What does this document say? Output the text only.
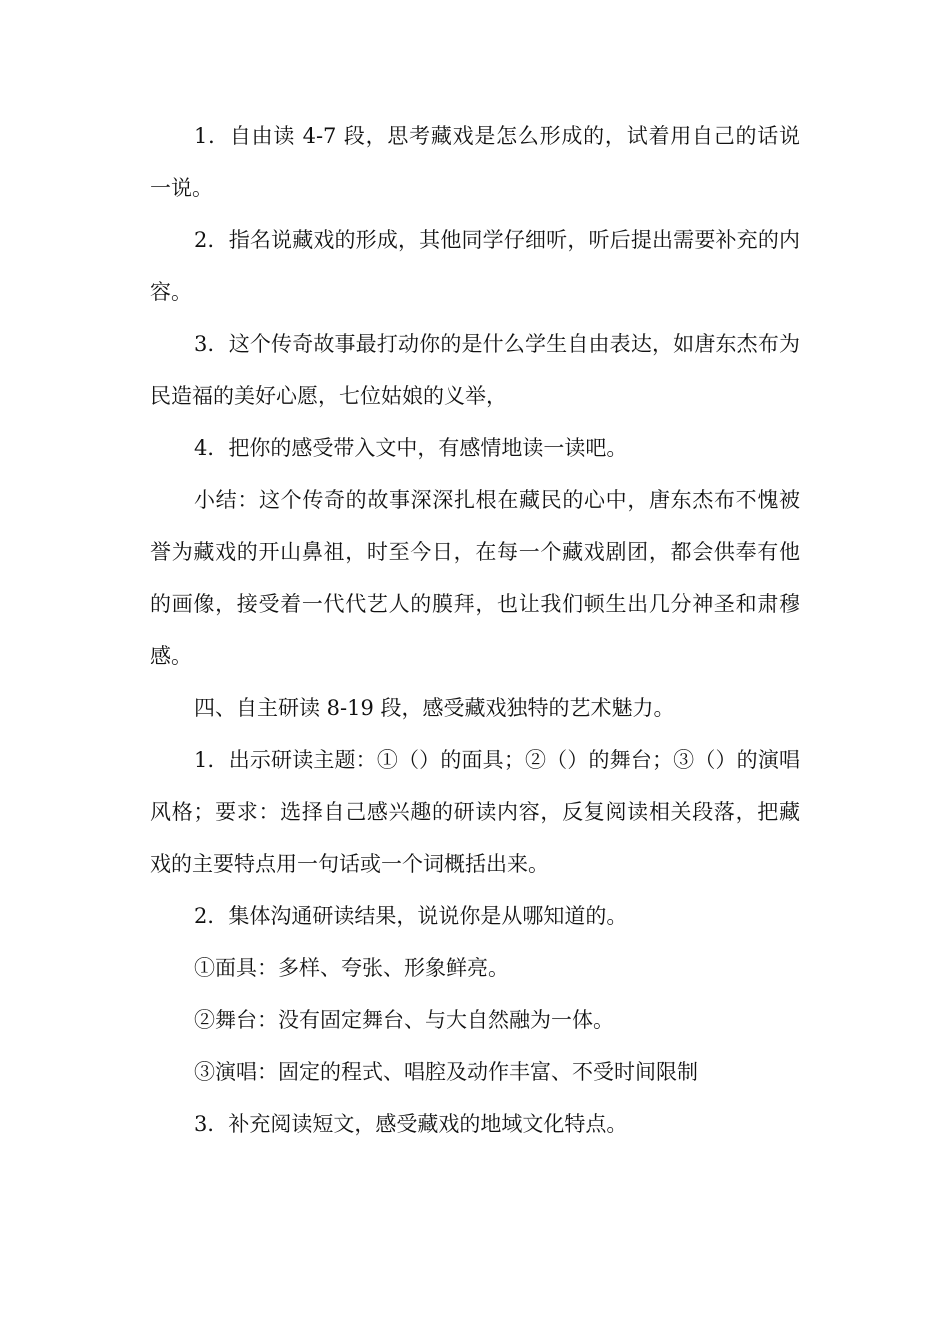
1．自由读 4-7 段，思考藏戏是怎么形成的，试着用自己的话说一说。

2．指名说藏戏的形成，其他同学仔细听，听后提出需要补充的内容。

3．这个传奇故事最打动你的是什么学生自由表达，如唐东杰布为民造福的美好心愿，七位姑娘的义举，

4．把你的感受带入文中，有感情地读一读吧。

小结：这个传奇的故事深深扎根在藏民的心中，唐东杰布不愧被誉为藏戏的开山鼻祖，时至今日，在每一个藏戏剧团，都会供奉有他的画像，接受着一代代艺人的膜拜，也让我们顿生出几分神圣和肃穆感。

四、自主研读 8-19 段，感受藏戏独特的艺术魅力。

1．出示研读主题：①（）的面具；②（）的舞台；③（）的演唱风格；要求：选择自己感兴趣的研读内容，反复阅读相关段落，把藏戏的主要特点用一句话或一个词概括出来。

2．集体沟通研读结果，说说你是从哪知道的。

①面具：多样、夸张、形象鲜亮。

②舞台：没有固定舞台、与大自然融为一体。

③演唱：固定的程式、唱腔及动作丰富、不受时间限制

3．补充阅读短文，感受藏戏的地域文化特点。
